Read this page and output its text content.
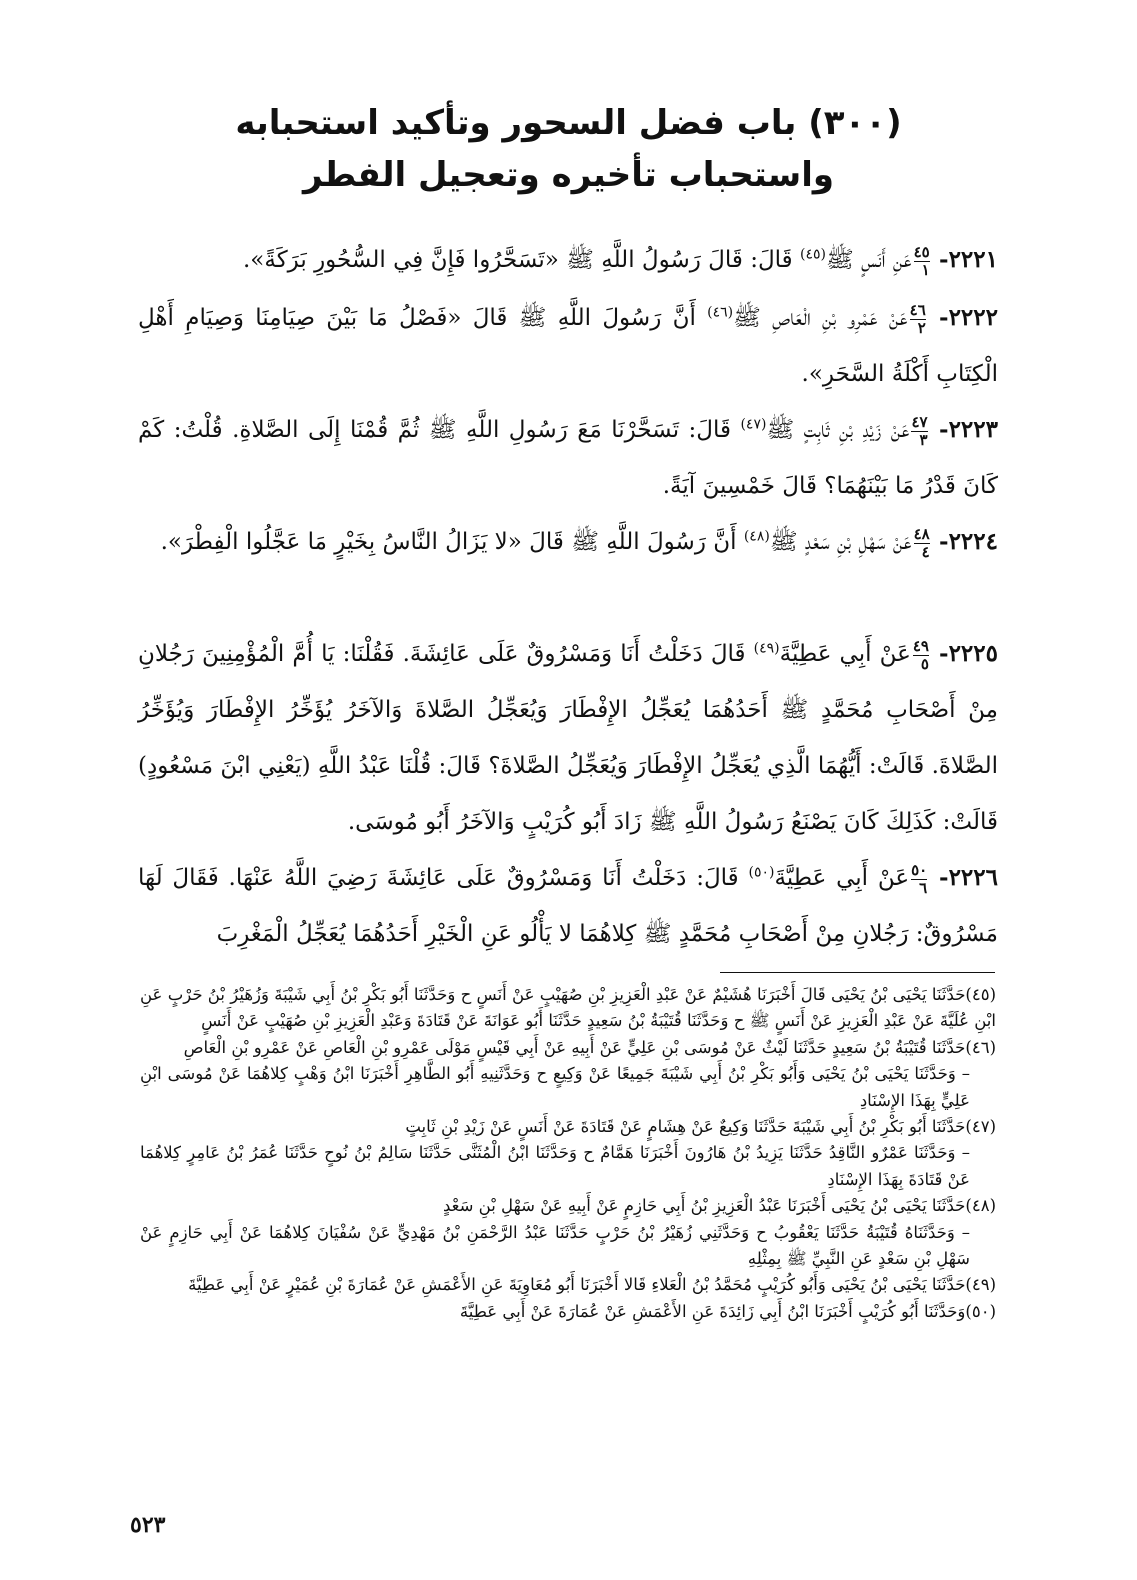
(٣٠٠) باب فضل السحور وتأكيد استحبابه
واستحباب تأخيره وتعجيل الفطر

٢٢٢١-
٤٥
١
عَنِ أَنَسٍ ﷺ$^{(٤٥)}$ قَالَ: قَالَ رَسُولُ اللَّهِ ﷺ «تَسَحَّرُوا فَإِنَّ فِي السُّحُورِ بَرَكَةً».

٢٢٢٢-
٤٦
٢
عَنْ عَمْرِو بْنِ الْعَاصِ ﷺ$^{(٤٦)}$ أَنَّ رَسُولَ اللَّهِ ﷺ قَالَ «فَصْلُ مَا بَيْنَ صِيَامِنَا وَصِيَامِ أَهْلِ الْكِتَابِ أَكْلَةُ السَّحَرِ».

٢٢٢٣-
٤٧
٣
عَنْ زَيْدِ بْنِ ثَابِتٍ ﷺ$^{(٤٧)}$ قَالَ: تَسَحَّرْنَا مَعَ رَسُولِ اللَّهِ ﷺ ثُمَّ قُمْنَا إِلَى الصَّلاةِ. قُلْتُ: كَمْ كَانَ قَدْرُ مَا بَيْنَهُمَا؟ قَالَ خَمْسِينَ آيَةً.

٢٢٢٤-
٤٨
٤
عَنْ سَهْلِ بْنِ سَعْدٍ ﷺ$^{(٤٨)}$ أَنَّ رَسُولَ اللَّهِ ﷺ قَالَ «لا يَزَالُ النَّاسُ بِخَيْرٍ مَا عَجَّلُوا الْفِطْرَ».

٢٢٢٥-
٤٩
٥
عَنْ أَبِي عَطِيَّةَ$^{(٤٩)}$ قَالَ دَخَلْتُ أَنَا وَمَسْرُوقٌ عَلَى عَائِشَةَ. فَقُلْنَا: يَا أُمَّ الْمُؤْمِنِينَ رَجُلانِ مِنْ أَصْحَابِ مُحَمَّدٍ ﷺ أَحَدُهُمَا يُعَجِّلُ الإِفْطَارَ وَيُعَجِّلُ الصَّلاةَ وَالآخَرُ يُؤَخِّرُ الإِفْطَارَ وَيُؤَخِّرُ الصَّلاةَ. قَالَتْ: أَيُّهُمَا الَّذِي يُعَجِّلُ الإِفْطَارَ وَيُعَجِّلُ الصَّلاةَ؟ قَالَ: قُلْنَا عَبْدُ اللَّهِ (يَعْنِي ابْنَ مَسْعُودٍ) قَالَتْ: كَذَلِكَ كَانَ يَصْنَعُ رَسُولُ اللَّهِ ﷺ زَادَ أَبُو كُرَيْبٍ وَالآخَرُ أَبُو مُوسَى.

٢٢٢٦-
٥٠
٦
عَنْ أَبِي عَطِيَّةَ$^{(٥٠)}$ قَالَ: دَخَلْتُ أَنَا وَمَسْرُوقٌ عَلَى عَائِشَةَ رَضِيَ اللَّهُ عَنْهَا. فَقَالَ لَهَا مَسْرُوقٌ: رَجُلانِ مِنْ أَصْحَابِ مُحَمَّدٍ ﷺ كِلاهُمَا لا يَأْلُو عَنِ الْخَيْرِ أَحَدُهُمَا يُعَجِّلُ الْمَغْرِبَ

(٤٥)حَدَّثَنَا يَحْيَى بْنُ يَحْيَى قَالَ أَخْبَرَنَا هُشَيْمٌ عَنْ عَبْدِ الْعَزِيزِ بْنِ صُهَيْبٍ عَنْ أَنَسٍ ح وَحَدَّثَنَا أَبُو بَكْرِ بْنُ أَبِي شَيْبَةَ وَزُهَيْرُ بْنُ حَرْبٍ عَنِ ابْنِ عُلَيَّةَ عَنْ عَبْدِ الْعَزِيزِ عَنْ أَنَسٍ ﷺ ح وَحَدَّثَنَا قُتَيْبَةُ بْنُ سَعِيدٍ حَدَّثَنَا أَبُو عَوَانَةَ عَنْ قَتَادَةَ وَعَبْدِ الْعَزِيزِ بْنِ صُهَيْبٍ عَنْ أَنَسٍ
(٤٦)حَدَّثَنَا قُتَيْبَةُ بْنُ سَعِيدٍ حَدَّثَنَا لَيْثٌ عَنْ مُوسَى بْنِ عَلِيٍّ عَنْ أَبِيهِ عَنْ أَبِي قَيْسٍ مَوْلَى عَمْرِو بْنِ الْعَاصِ عَنْ عَمْرِو بْنِ الْعَاصِ
– وَحَدَّثَنَا يَحْيَى بْنُ يَحْيَى وَأَبُو بَكْرِ بْنُ أَبِي شَيْبَةَ جَمِيعًا عَنْ وَكِيعٍ ح وَحَدَّثَنِيهِ أَبُو الطَّاهِرِ أَخْبَرَنَا ابْنُ وَهْبٍ كِلاهُمَا عَنْ مُوسَى ابْنِ عَلِيٍّ بِهَذَا الإِسْنَادِ
(٤٧)حَدَّثَنَا أَبُو بَكْرِ بْنُ أَبِي شَيْبَةَ حَدَّثَنَا وَكِيعٌ عَنْ هِشَامٍ عَنْ قَتَادَةَ عَنْ أَنَسٍ عَنْ زَيْدِ بْنِ ثَابِتٍ
– وَحَدَّثَنَا عَمْرٌو النَّاقِدُ حَدَّثَنَا يَزِيدُ بْنُ هَارُونَ أَخْبَرَنَا هَمَّامٌ ح وَحَدَّثَنَا ابْنُ الْمُثَنَّى حَدَّثَنَا سَالِمُ بْنُ نُوحٍ حَدَّثَنَا عُمَرُ بْنُ عَامِرٍ كِلاهُمَا عَنْ قَتَادَةَ بِهَذَا الإِسْنَادِ
(٤٨)حَدَّثَنَا يَحْيَى بْنُ يَحْيَى أَخْبَرَنَا عَبْدُ الْعَزِيزِ بْنُ أَبِي حَازِمٍ عَنْ أَبِيهِ عَنْ سَهْلِ بْنِ سَعْدٍ
– وَحَدَّثَنَاهُ قُتَيْبَةُ حَدَّثَنَا يَعْقُوبُ ح وَحَدَّثَنِي زُهَيْرُ بْنُ حَرْبٍ حَدَّثَنَا عَبْدُ الرَّحْمَنِ بْنُ مَهْدِيٍّ عَنْ سُفْيَانَ كِلاهُمَا عَنْ أَبِي حَازِمٍ عَنْ سَهْلِ بْنِ سَعْدٍ عَنِ النَّبِيِّ ﷺ بِمِثْلِهِ
(٤٩)حَدَّثَنَا يَحْيَى بْنُ يَحْيَى وَأَبُو كُرَيْبٍ مُحَمَّدُ بْنُ الْعَلاءِ قَالا أَخْبَرَنَا أَبُو مُعَاوِيَةَ عَنِ الأَعْمَشِ عَنْ عُمَارَةَ بْنِ عُمَيْرٍ عَنْ أَبِي عَطِيَّةَ
(٥٠)وَحَدَّثَنَا أَبُو كُرَيْبٍ أَخْبَرَنَا ابْنُ أَبِي زَائِدَةَ عَنِ الأَعْمَشِ عَنْ عُمَارَةَ عَنْ أَبِي عَطِيَّةَ
٥٢٣
